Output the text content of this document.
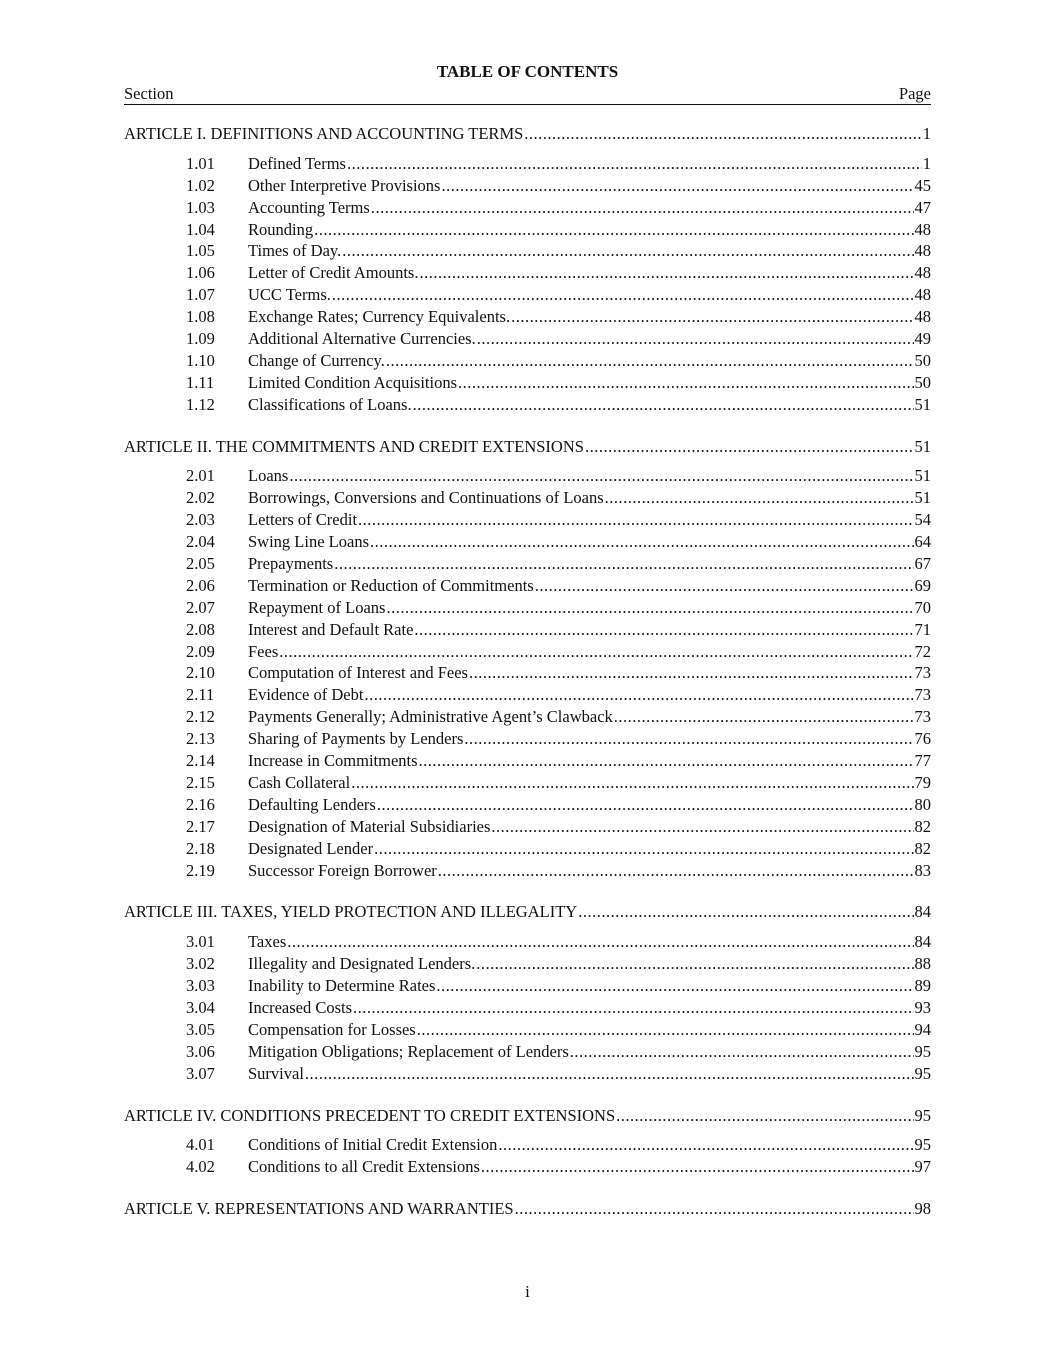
TABLE OF CONTENTS
Section	Page
ARTICLE I. DEFINITIONS AND ACCOUNTING TERMS .....	1
1.01	Defined Terms .....	1
1.02	Other Interpretive Provisions .....	45
1.03	Accounting Terms .....	47
1.04	Rounding .....	48
1.05	Times of Day. .....	48
1.06	Letter of Credit Amounts. .....	48
1.07	UCC Terms. .....	48
1.08	Exchange Rates; Currency Equivalents. .....	48
1.09	Additional Alternative Currencies. .....	49
1.10	Change of Currency. .....	50
1.11	Limited Condition Acquisitions .....	50
1.12	Classifications of Loans. .....	51
ARTICLE II. THE COMMITMENTS AND CREDIT EXTENSIONS .....	51
2.01	Loans .....	51
2.02	Borrowings, Conversions and Continuations of Loans .....	51
2.03	Letters of Credit .....	54
2.04	Swing Line Loans .....	64
2.05	Prepayments .....	67
2.06	Termination or Reduction of Commitments .....	69
2.07	Repayment of Loans .....	70
2.08	Interest and Default Rate .....	71
2.09	Fees .....	72
2.10	Computation of Interest and Fees .....	73
2.11	Evidence of Debt .....	73
2.12	Payments Generally; Administrative Agent’s Clawback .....	73
2.13	Sharing of Payments by Lenders .....	76
2.14	Increase in Commitments .....	77
2.15	Cash Collateral .....	79
2.16	Defaulting Lenders .....	80
2.17	Designation of Material Subsidiaries .....	82
2.18	Designated Lender .....	82
2.19	Successor Foreign Borrower .....	83
ARTICLE III. TAXES, YIELD PROTECTION AND ILLEGALITY .....	84
3.01	Taxes .....	84
3.02	Illegality and Designated Lenders. .....	88
3.03	Inability to Determine Rates .....	89
3.04	Increased Costs .....	93
3.05	Compensation for Losses .....	94
3.06	Mitigation Obligations; Replacement of Lenders .....	95
3.07	Survival .....	95
ARTICLE IV. CONDITIONS PRECEDENT TO CREDIT EXTENSIONS .....	95
4.01	Conditions of Initial Credit Extension .....	95
4.02	Conditions to all Credit Extensions .....	97
ARTICLE V. REPRESENTATIONS AND WARRANTIES .....	98
i
